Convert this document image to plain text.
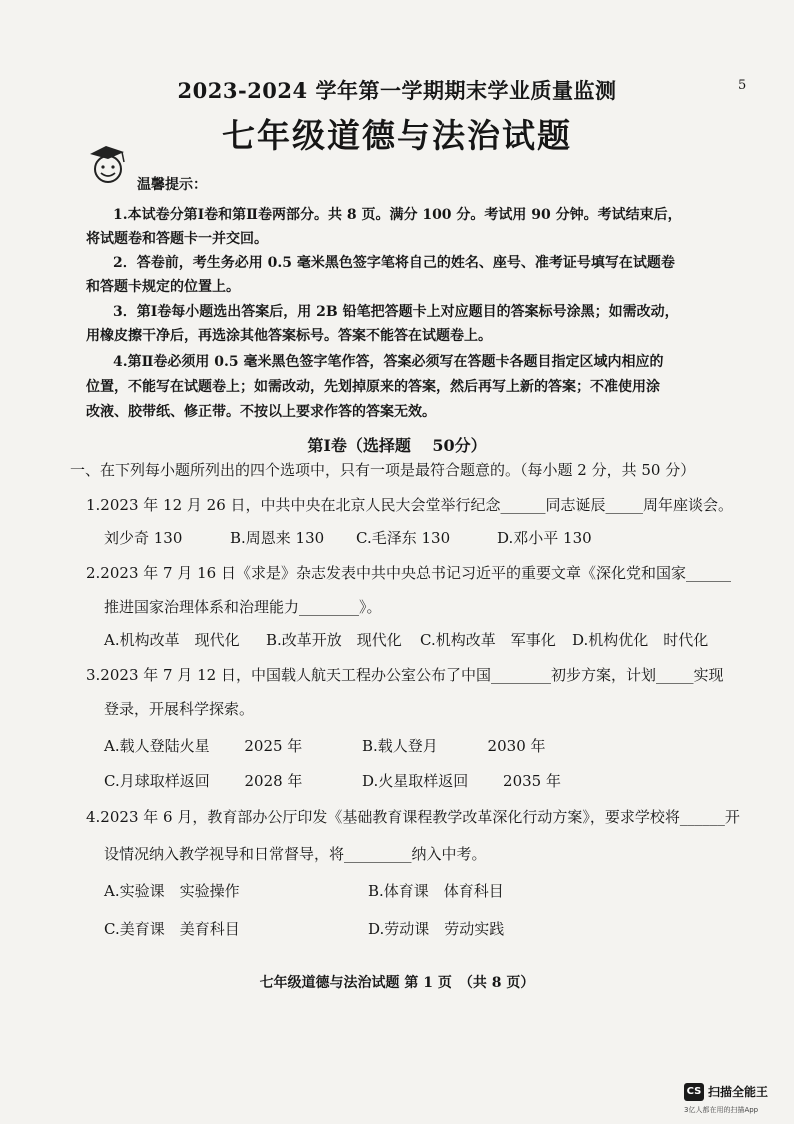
5
2023-2024 学年第一学期期末学业质量监测
七年级道德与法治试题
温馨提示：
1.本试卷分第Ⅰ卷和第Ⅱ卷两部分。共 8 页。满分 100 分。考试用 90 分钟。考试结束后，
将试题卷和答题卡一并交回。
2．答卷前，考生务必用 0.5 毫米黑色签字笔将自己的姓名、座号、准考证号填写在试题卷
和答题卡规定的位置上。
3．第Ⅰ卷每小题选出答案后，用 2B 铅笔把答题卡上对应题目的答案标号涂黑；如需改动，
用橡皮擦干净后，再选涂其他答案标号。答案不能答在试题卷上。
4.第Ⅱ卷必须用 0.5 毫米黑色签字笔作答，答案必须写在答题卡各题目指定区域内相应的
位置，不能写在试题卷上；如需改动，先划掉原来的答案，然后再写上新的答案；不准使用涂
改液、胶带纸、修正带。不按以上要求作答的答案无效。
第Ⅰ卷（选择题　 50分）
一、在下列每小题所列出的四个选项中，只有一项是最符合题意的。（每小题 2 分，共 50 分）
1.2023 年 12 月 26 日，中共中央在北京人民大会堂举行纪念______同志诞辰_____周年座谈会。
刘少奇 130	B.周恩来 130 C.毛泽东 130	D.邓小平 130
2.2023 年 7 月 16 日《求是》杂志发表中共中央总书记习近平的重要文章《深化党和国家______
推进国家治理体系和治理能力________》。
A.机构改革　现代化 B.改革开放　现代化 C.机构改革　军事化 D.机构优化　时代化
3.2023 年 7 月 12 日，中国载人航天工程办公室公布了中国________初步方案，计划_____实现
登录，开展科学探索。
A.载人登陆火星　　 2025 年	B.载人登月　　　 2030 年
C.月球取样返回　　 2028 年	D.火星取样返回　　 2035 年
4.2023 年 6 月，教育部办公厅印发《基础教育课程教学改革深化行动方案》，要求学校将______开
设情况纳入教学视导和日常督导，将_________纳入中考。
A.实验课　实验操作	B.体育课　体育科目
C.美育课　美育科目	D.劳动课　劳动实践
七年级道德与法治试题 第 1 页　（共 8 页）
CS 扫描全能王
3亿人都在用的扫描App
